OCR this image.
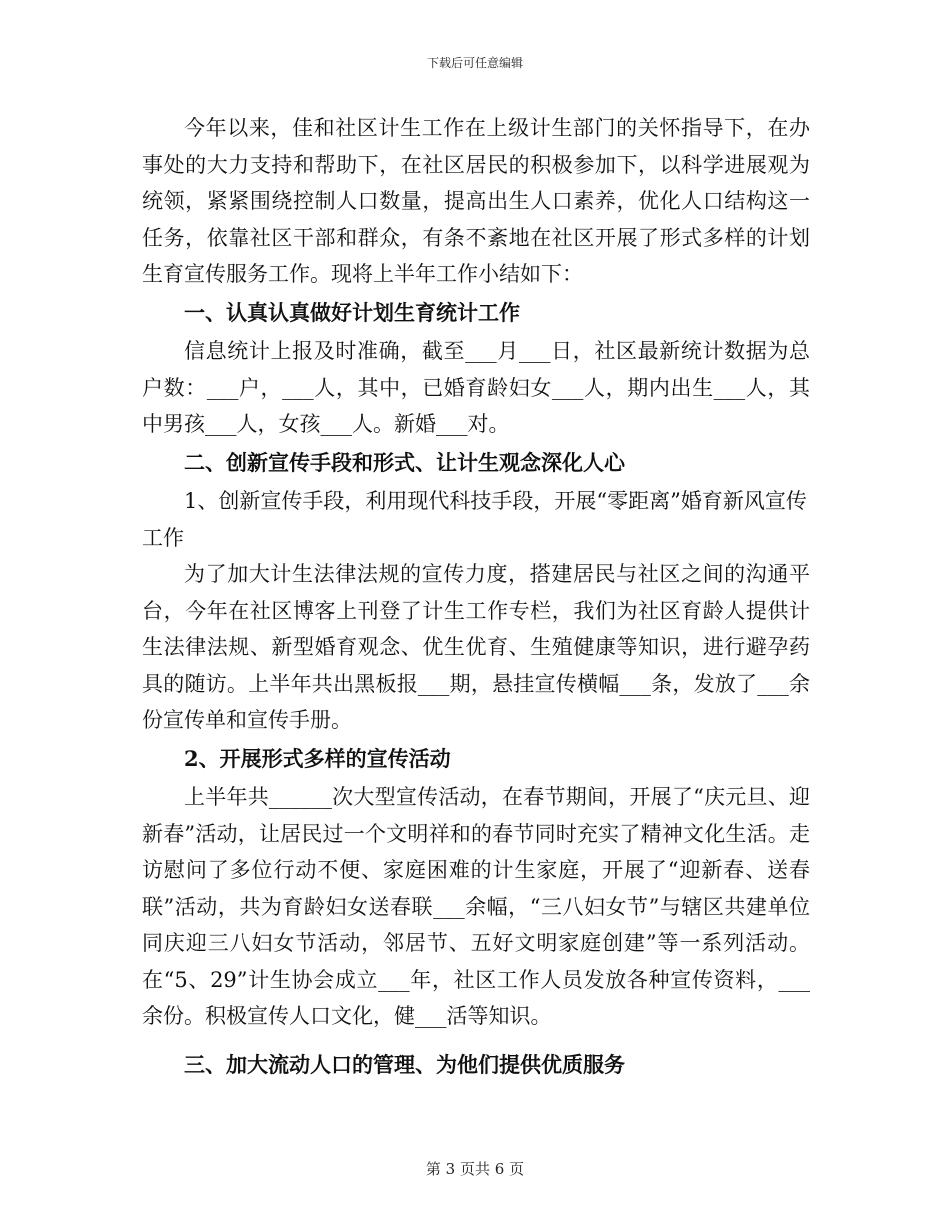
下载后可任意编辑

今年以来，佳和社区计生工作在上级计生部门的关怀指导下，在办事处的大力支持和帮助下，在社区居民的积极参加下，以科学进展观为统领，紧紧围绕控制人口数量，提高出生人口素养，优化人口结构这一任务，依靠社区干部和群众，有条不紊地在社区开展了形式多样的计划生育宣传服务工作。现将上半年工作小结如下：

一、认真认真做好计划生育统计工作

信息统计上报及时准确，截至___月___日，社区最新统计数据为总户数：___户，___人，其中，已婚育龄妇女___人，期内出生___人，其中男孩___人，女孩___人。新婚___对。

二、创新宣传手段和形式、让计生观念深化人心

1、创新宣传手段，利用现代科技手段，开展“零距离”婚育新风宣传工作

为了加大计生法律法规的宣传力度，搭建居民与社区之间的沟通平台，今年在社区博客上刊登了计生工作专栏，我们为社区育龄人提供计生法律法规、新型婚育观念、优生优育、生殖健康等知识，进行避孕药具的随访。上半年共出黑板报___期，悬挂宣传横幅___条，发放了___余份宣传单和宣传手册。

2、开展形式多样的宣传活动

上半年共______次大型宣传活动，在春节期间，开展了“庆元旦、迎新春”活动，让居民过一个文明祥和的春节同时充实了精神文化生活。走访慰问了多位行动不便、家庭困难的计生家庭，开展了“迎新春、送春联”活动，共为育龄妇女送春联___余幅，“三八妇女节”与辖区共建单位同庆迎三八妇女节活动，邻居节、五好文明家庭创建”等一系列活动。在“5、29”计生协会成立___年，社区工作人员发放各种宣传资料，___余份。积极宣传人口文化，健___活等知识。

三、加大流动人口的管理、为他们提供优质服务

第 3 页共 6 页
